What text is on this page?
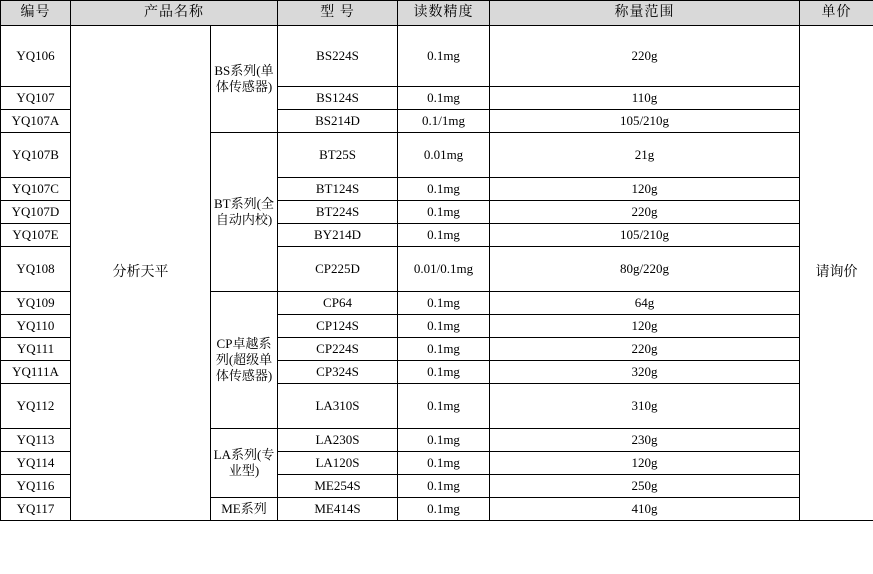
编号	产品名称		型 号	读数精度	称量范围	单价
YQ106	分析天平	BS系列(单体传感器)	BS224S	0.1mg	220g	请询价
YQ107			BS124S	0.1mg	110g	
YQ107A			BS214D	0.1/1mg	105/210g	
YQ107B		BT系列(全自动内校)	BT25S	0.01mg	21g	
YQ107C			BT124S	0.1mg	120g	
YQ107D			BT224S	0.1mg	220g	
YQ107E			BY214D	0.1mg	105/210g	
YQ108			CP225D	0.01/0.1mg	80g/220g	
YQ109		CP卓越系列(超级单体传感器)	CP64	0.1mg	64g	
YQ110			CP124S	0.1mg	120g	
YQ111			CP224S	0.1mg	220g	
YQ111A			CP324S	0.1mg	320g	
YQ112			LA310S	0.1mg	310g	
YQ113		LA系列(专业型)	LA230S	0.1mg	230g	
YQ114			LA120S	0.1mg	120g	
YQ116			ME254S	0.1mg	250g	
YQ117		ME系列	ME414S	0.1mg	410g	
